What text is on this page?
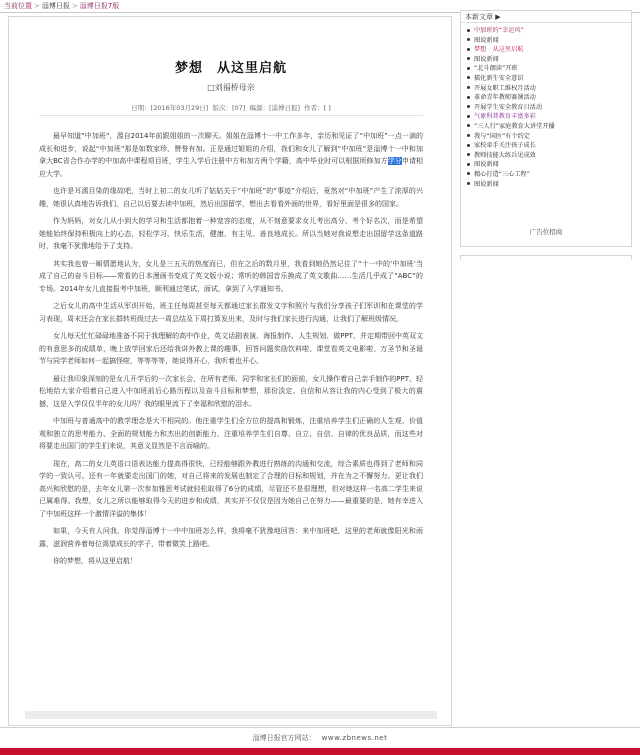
当前位置 > 淄博日报 > 淄博日报7版
梦想　从这里启航
□刘福桥母亲
日期：[2016年03月29日] 版次：[07] 稿源：[淄博日报] 作者：[ ]

最早知道“中加班”，源自2014年前跟姐姐的一次聊天。姐姐在淄博十一中工作多年，亲历和见证了“中加班”一点一滴的成长和进步，说起“中加班”那是如数家珍、赞誉有加。正是通过姐姐的介绍，我们和女儿了解到“中加班”是淄博十一中和加拿大BC省合作办学的中加高中课程项目班，学生入学后注册中方和加方两个学籍，高中毕业时可以根据所修加方学分申请相应大学。

也许是耳濡目染的缘故吧，当时上初二的女儿听了姑姑关于“中加班”的“事迹”介绍后，竟然对“中加班”产生了浓厚的兴趣，她很认真地告诉我们，自己以后要去读中加班，然后出国留学，想出去看看外面的世界，看好里面是很多的国家。

作为妈妈，对女儿从小到大的学习和生活都抱着一种宽容的态度，从不刻意要求女儿考出高分、考个好名次，而是希望她能始终保持积极向上的心态，轻松学习，快乐生活，健康、有主见、善良地成长。所以当她对我说想走出国留学这条道路时，我毫不犹豫地给予了支持。

其实我也曾一厢情愿地认为，女儿是三五天的热度而已，但在之后的数月里，我看到她仍然记住了“十一中的‘中加班’当成了自己的奋斗目标——常看的日本漫画书变成了英文版小说；常听的韩国音乐换成了英文歌曲……生活几乎成了“ABC”的专场。2014年女儿直接报考中加班，顺利通过笔试、面试，拿到了入学通知书。

之后女儿的高中生活从军训开始，班主任每周甚至每天都通过家长群发文字和照片与我们分享孩子们军训和在课堂的学习表现，周末还会在家长群转班级过去一周总结及下周打算发出来，及时与我们家长进行沟通，让我们了解班级情况。

女儿每天忙忙碌碌地准备不同于我理解的高中作业，英文话剧表演、海报制作、人生规划、做PPT、并定期带回中英双文的有意思多的成绩单，晚上放学回家后还给我讲外教上课的趣事，回答问题奖励饮料啦、课堂看英文电影啦、万圣节和圣诞节与同学老师如何一起搞怪啦，等等等等，她说得开心，我听着也开心。

最让我印象深刻的是女儿开学后的一次家长会，在所有老师、同学和家长们的面前，女儿操作着自己亲手制作的PPT，轻松地给大家介绍着自己进入中加班前后心路历程以及奋斗目标和梦想，那份淡定、自信和从容让我的内心受到了极大的震撼，这是入学仅仅半年的女儿吗？我的眼里流下了幸福和欣慰的泪水。

中加班与普通高中的教学理念是大不相同的。他注重学生们全方位的提高和锻炼，注重培养学生们正确的人生观、价值观和独立的思考能力、全面的规划能力和杰出的创新能力，注重培养学生们自尊、自立、自信、自律的优良品质，而这些对将要走出国门的学生们来说，其意义显然是不言而喻的。

现在，高二的女儿英语口语表达能力提高得很快，已经能够跟外教进行熟练的沟通和交流，综合素质也得到了老师和同学的一致认可。还有一年就要走出国门的她，对自己将来的发展也制定了合理的目标和规划，并在为之不懈努力。更让我们高兴和欣慰的是，去年女儿第一次参加雅思考试就轻松取得了6分的成绩，尽管还不是很理想，但对她这样一名高二学生来说已属难得。我想，女儿之所以能够取得今天的进步和成绩，其实并不仅仅是因为她自己在努力——最重要的是，她有幸进入了中加班这样一个激情洋溢的集体！

如果，今天有人问我，你觉得淄博十一中中加班怎么样，我将毫不犹豫地回答：来中加班吧，这里的老师就像阳光和雨露，滋润营养着每位渴望成长的学子，带着微笑上路吧。

你的梦想，将从这里启航！

本新文章 ▶
中加班的“幸运风”
图说新闻
梦想　从这里启航
图说新闻
“北斗朗读”开班
擂化新生安全意识
开展女职工维权月活动
革命青年教师赛课活动
开展学生安全教育日活动
气象科普教育丰富多彩
“三人行”家庭教育大讲堂开播
我与“国医”有个约定
家校牵手关注孩子成长
教师技能大练兵见成效
图说新闻
精心打造“三心工程”
图说新闻
广告位招商
淄博日报官方网站： www.zbnews.net
